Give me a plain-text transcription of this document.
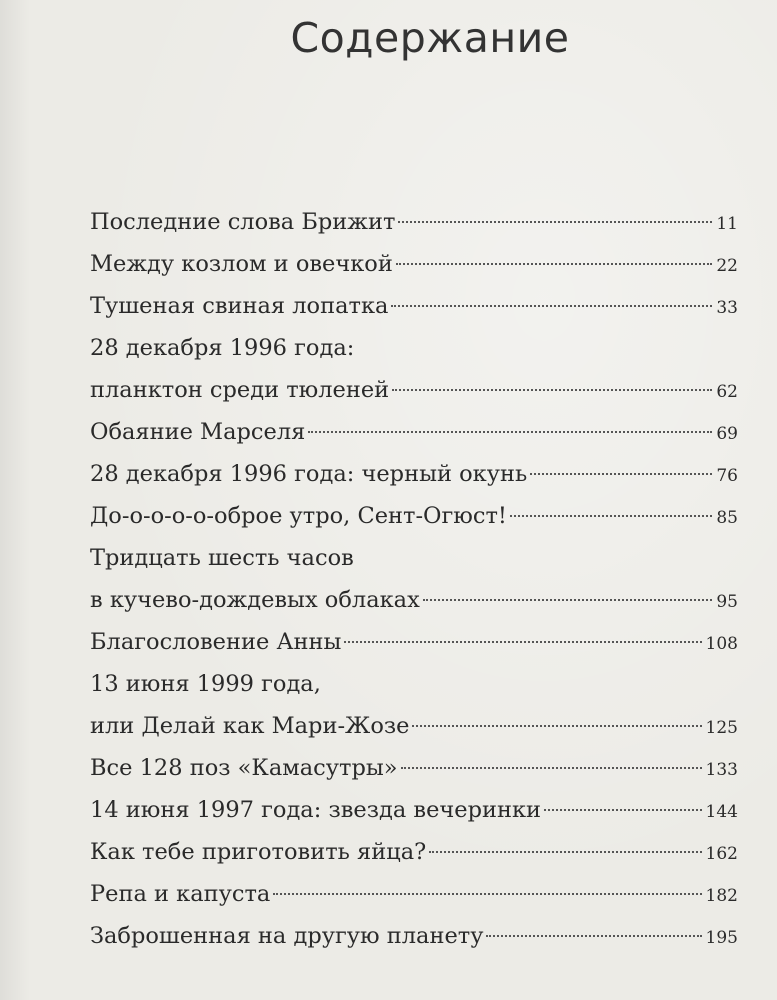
Содержание
Последние слова Брижит	11
Между козлом и овечкой	22
Тушеная свиная лопатка	33
28 декабря 1996 года:
планктон среди тюленей	62
Обаяние Марселя	69
28 декабря 1996 года: черный окунь	76
До-о-о-о-о-оброе утро, Сент-Огюст!	85
Тридцать шесть часов
в кучево-дождевых облаках	95
Благословение Анны	108
13 июня 1999 года,
или Делай как Мари-Жозе	125
Все 128 поз «Камасутры»	133
14 июня 1997 года: звезда вечеринки	144
Как тебе приготовить яйца?	162
Репа и капуста	182
Заброшенная на другую планету	195
